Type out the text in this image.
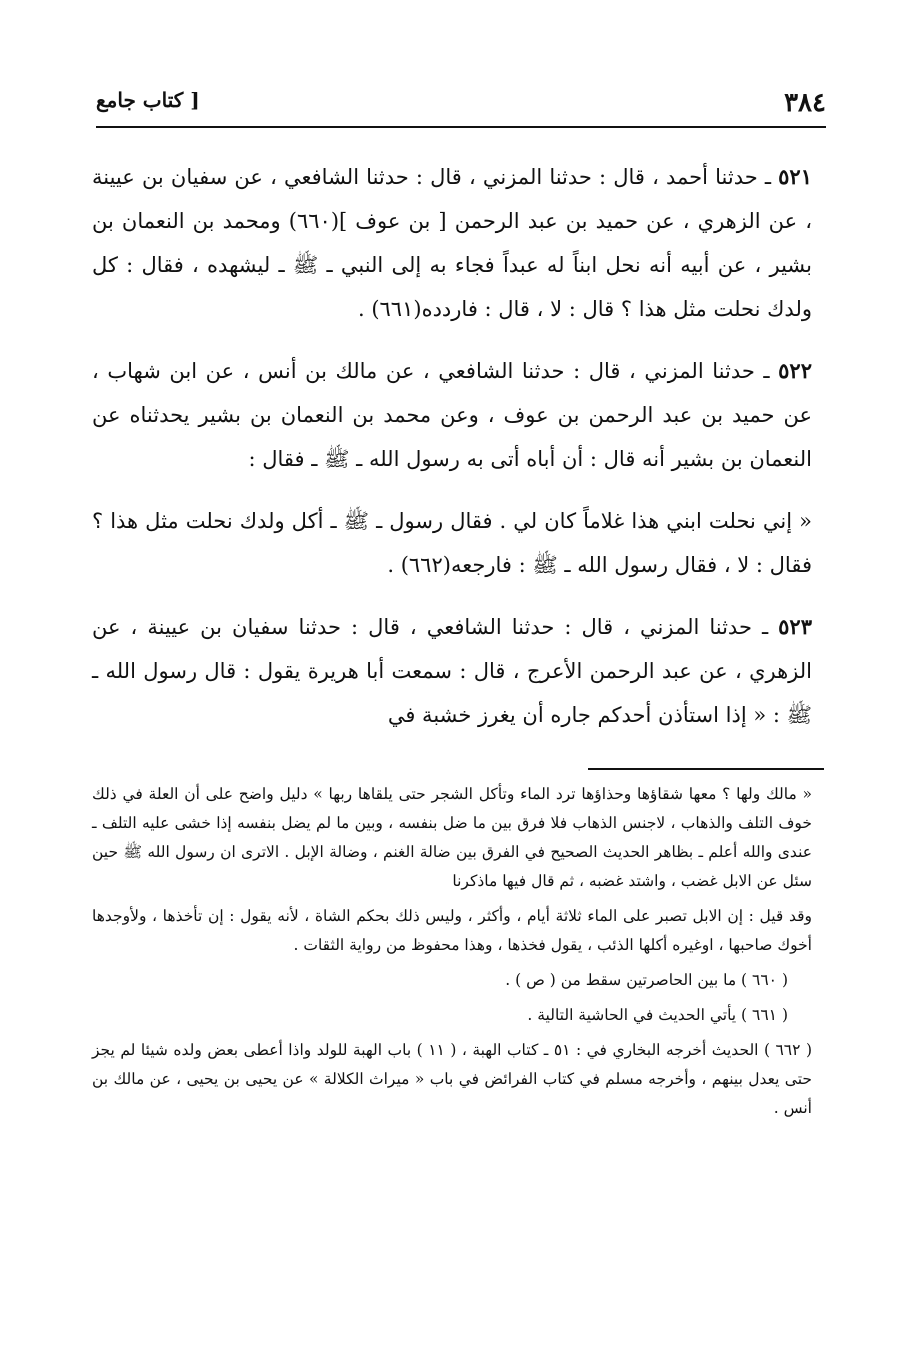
٣٨٤
[ كتاب جامع

٥٢١ ـ حدثنا أحمد ، قال : حدثنا المزني ، قال : حدثنا الشافعي ، عن سفيان بن عيينة ، عن الزهري ، عن حميد بن عبد الرحمن [ بن عوف ](٦٦٠) ومحمد بن النعمان بن بشير ، عن أبيه أنه نحل ابناً له عبداً فجاء به إلى النبي ـ ﷺ ـ ليشهده ، فقال : كل ولدك نحلت مثل هذا ؟ قال : لا ، قال : فاردده(٦٦١) .

٥٢٢ ـ حدثنا المزني ، قال : حدثنا الشافعي ، عن مالك بن أنس ، عن ابن شهاب ، عن حميد بن عبد الرحمن بن عوف ، وعن محمد بن النعمان بن بشير يحدثناه عن النعمان بن بشير أنه قال : أن أباه أتى به رسول الله ـ ﷺ ـ فقال :

« إني نحلت ابني هذا غلاماً كان لي . فقال رسول ـ ﷺ ـ أكل ولدك نحلت مثل هذا ؟ فقال : لا ، فقال رسول الله ـ ﷺ : فارجعه(٦٦٢) .

٥٢٣ ـ حدثنا المزني ، قال : حدثنا الشافعي ، قال : حدثنا سفيان بن عيينة ، عن الزهري ، عن عبد الرحمن الأعرج ، قال : سمعت أبا هريرة يقول : قال رسول الله ـ ﷺ : « إذا استأذن أحدكم جاره أن يغرز خشبة في

« مالك ولها ؟ معها شقاؤها وحذاؤها ترد الماء وتأكل الشجر حتى يلقاها ربها » دليل واضح على أن العلة في ذلك خوف التلف والذهاب ، لاجنس الذهاب فلا فرق بين ما ضل بنفسه ، وبين ما لم يضل بنفسه إذا خشى عليه التلف ـ عندى والله أعلم ـ بظاهر الحديث الصحيح في الفرق بين ضالة الغنم ، وضالة الإبل . الاترى ان رسول الله ﷺ حين سئل عن الابل غضب ، واشتد غضبه ، ثم قال فيها ماذكرنا

وقد قيل : إن الابل تصبر على الماء ثلاثة أيام ، وأكثر ، وليس ذلك بحكم الشاة ، لأنه يقول : إن تأخذها ، ولأوجدها أخوك صاحبها ، اوغيره أكلها الذئب ، يقول فخذها ، وهذا محفوظ من رواية الثقات .

( ٦٦٠ ) ما بين الحاصرتين سقط من ( ص ) .

( ٦٦١ ) يأتي الحديث في الحاشية التالية .

( ٦٦٢ ) الحديث أخرجه البخاري في : ٥١ ـ كتاب الهبة ، ( ١١ ) باب الهبة للولد واذا أعطى بعض ولده شيئا لم يجز حتى يعدل بينهم ، وأخرجه مسلم في كتاب الفرائض في باب « ميراث الكلالة » عن يحيى بن يحيى ، عن مالك بن أنس .
